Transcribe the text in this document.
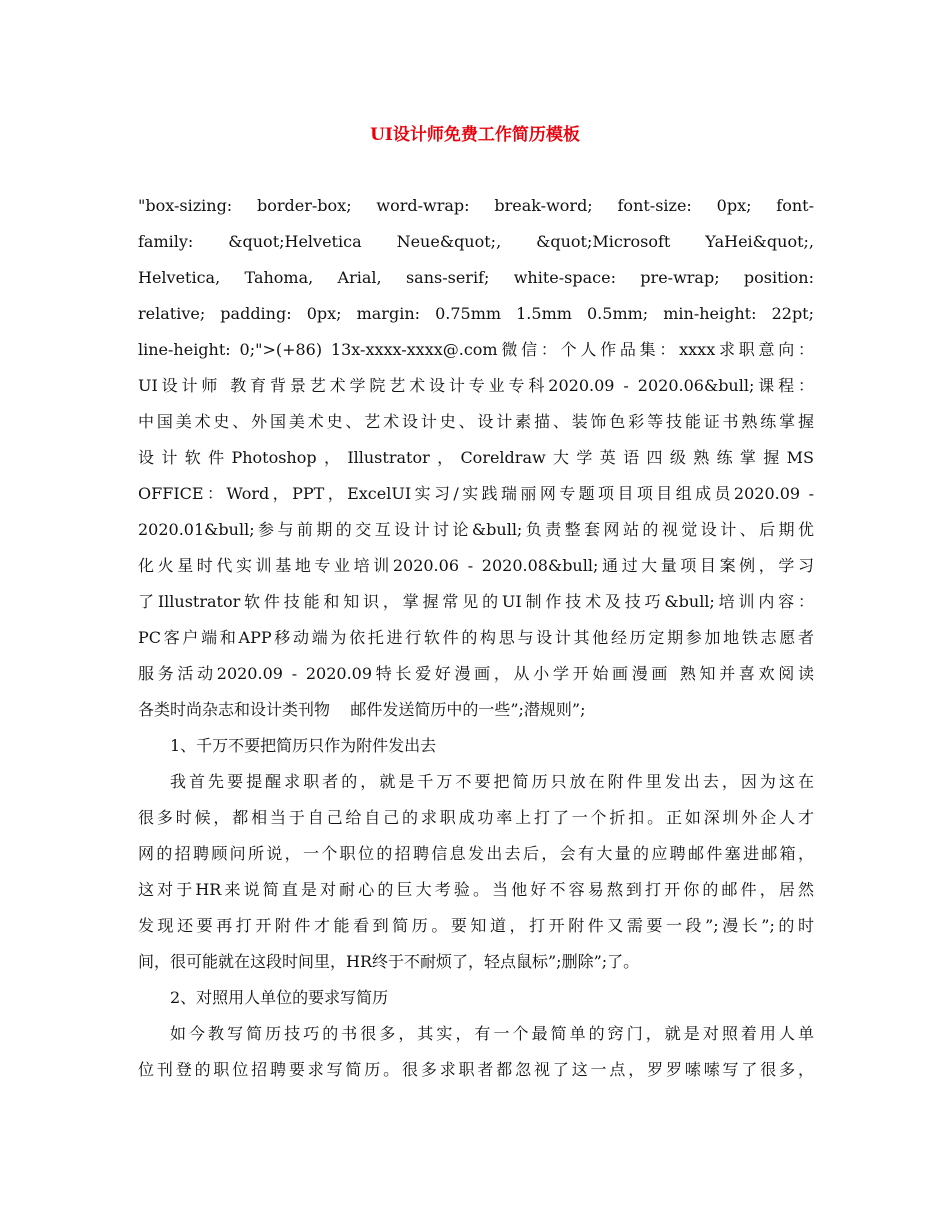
UI设计师免费工作简历模板
"box-sizing: border-box; word-wrap: break-word; font-size: 0px; font-
family:  &quot;Helvetica  Neue&quot;,  &quot;Microsoft  YaHei&quot;,
Helvetica, Tahoma, Arial, sans-serif; white-space: pre-wrap; position:
relative; padding: 0px; margin: 0.75mm 1.5mm 0.5mm; min-height: 22pt;
line-height: 0;">(+86) 13x-xxxx-xxxx@.com微信：个人作品集：xxxx求职意向：
UI设计师 教育背景艺术学院艺术设计专业专科2020.09 - 2020.06&bull;课程：
中国美术史、外国美术史、艺术设计史、设计素描、装饰色彩等技能证书熟练掌握
设计软件Photoshop，Illustrator，Coreldraw大学英语四级熟练掌握MS
OFFICE：Word，PPT，ExcelUI实习/实践瑞丽网专题项目项目组成员2020.09 -
2020.01&bull;参与前期的交互设计讨论&bull;负责整套网站的视觉设计、后期优
化火星时代实训基地专业培训2020.06 - 2020.08&bull;通过大量项目案例，学习
了Illustrator软件技能和知识，掌握常见的UI制作技术及技巧&bull;培训内容：
PC客户端和APP移动端为依托进行软件的构思与设计其他经历定期参加地铁志愿者
服务活动2020.09 - 2020.09特长爱好漫画，从小学开始画漫画 熟知并喜欢阅读
各类时尚杂志和设计类刊物    邮件发送简历中的一些”;潜规则”;
1、千万不要把简历只作为附件发出去
我首先要提醒求职者的，就是千万不要把简历只放在附件里发出去，因为这在
很多时候，都相当于自己给自己的求职成功率上打了一个折扣。正如深圳外企人才
网的招聘顾问所说，一个职位的招聘信息发出去后，会有大量的应聘邮件塞进邮箱，
这对于HR来说简直是对耐心的巨大考验。当他好不容易熬到打开你的邮件，居然
发现还要再打开附件才能看到简历。要知道，打开附件又需要一段”;漫长”;的时
间，很可能就在这段时间里，HR终于不耐烦了，轻点鼠标”;删除”;了。
2、对照用人单位的要求写简历
如今教写简历技巧的书很多，其实，有一个最简单的窍门，就是对照着用人单
位刊登的职位招聘要求写简历。很多求职者都忽视了这一点，罗罗嗦嗦写了很多，
